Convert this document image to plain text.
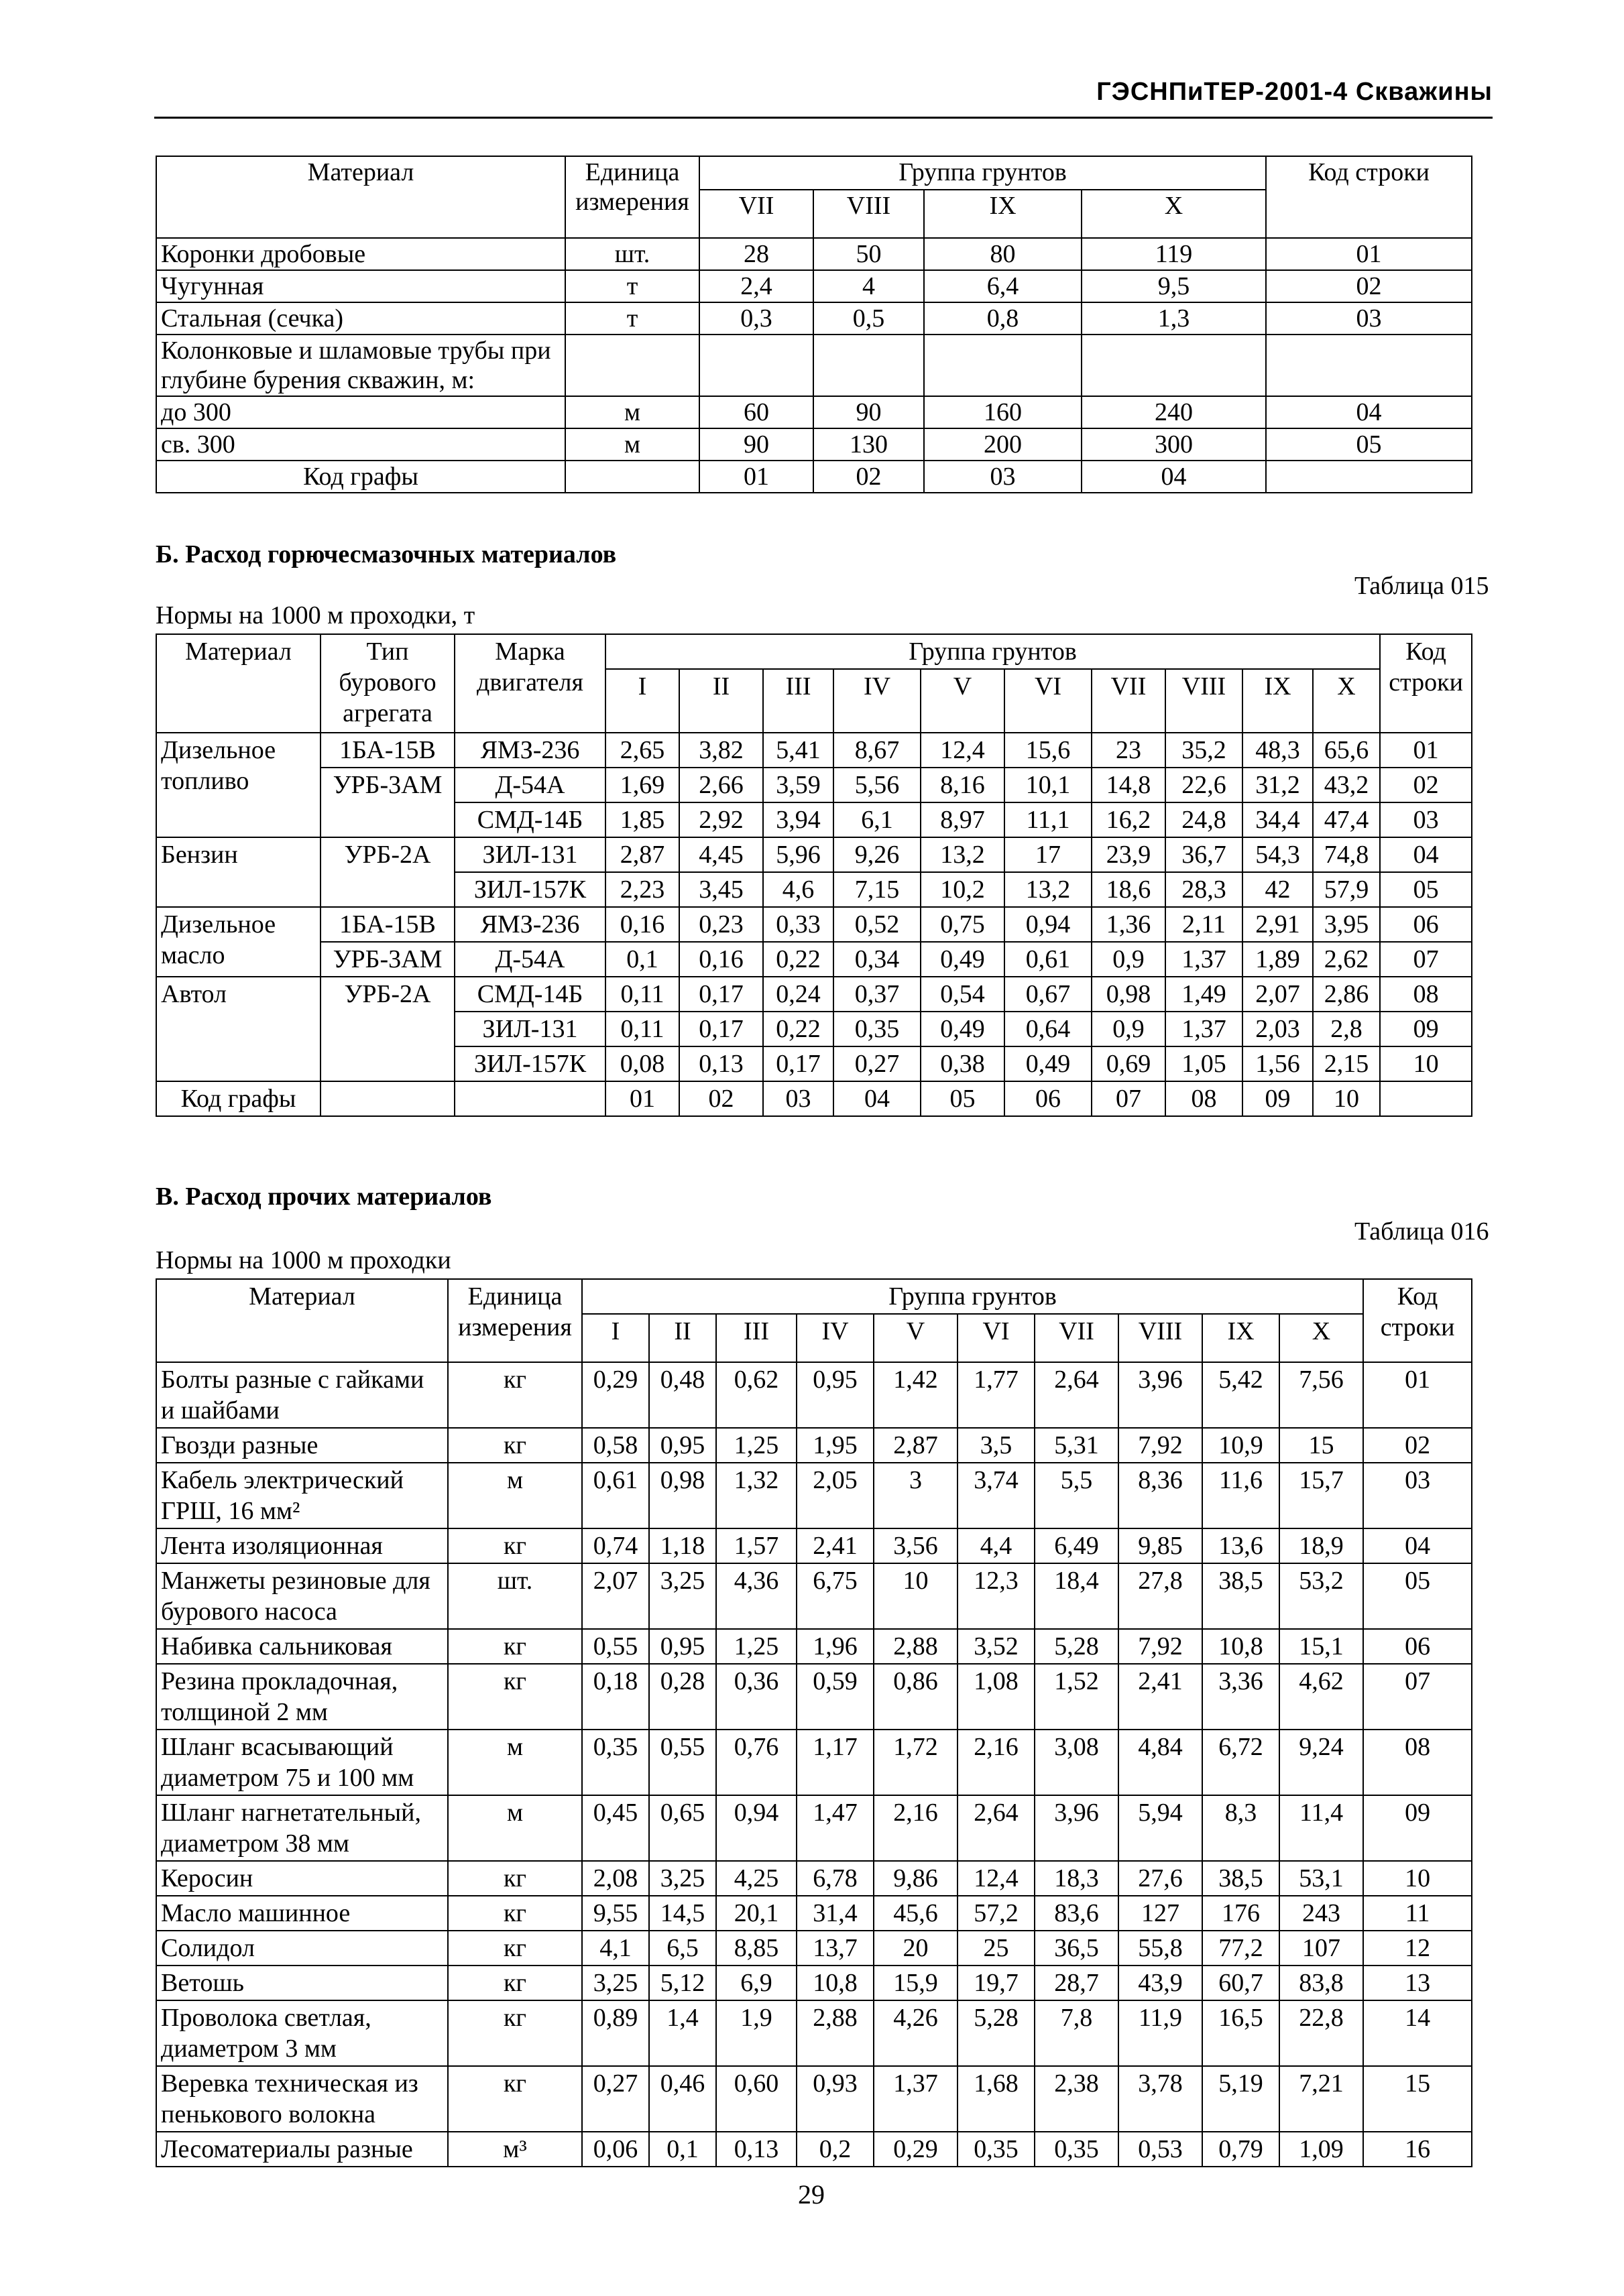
ГЭСНПиТЕР-2001-4 Скважины
Материал	Единица измерения	Группа грунтов				Код строки
		VII	VIII	IX	X	
Коронки дробовые	шт.	28	50	80	119	01
Чугунная	т	2,4	4	6,4	9,5	02
Стальная (сечка)	т	0,3	0,5	0,8	1,3	03
Колонковые и шламовые трубы при глубине бурения скважин, м:						
до 300	м	60	90	160	240	04
св. 300	м	90	130	200	300	05
Код графы		01	02	03	04	
Б. Расход горючесмазочных материалов
Таблица 015
Нормы на 1000 м проходки, т
Материал	Тип бурового агрегата	Марка двигателя	Группа грунтов										Код строки
			I	II	III	IV	V	VI	VII	VIII	IX	X	
Дизельное топливо	1БА-15В	ЯМЗ-236	2,65	3,82	5,41	8,67	12,4	15,6	23	35,2	48,3	65,6	01
	УРБ-3АМ	Д-54А	1,69	2,66	3,59	5,56	8,16	10,1	14,8	22,6	31,2	43,2	02
		СМД-14Б	1,85	2,92	3,94	6,1	8,97	11,1	16,2	24,8	34,4	47,4	03
Бензин	УРБ-2А	ЗИЛ-131	2,87	4,45	5,96	9,26	13,2	17	23,9	36,7	54,3	74,8	04
		ЗИЛ-157К	2,23	3,45	4,6	7,15	10,2	13,2	18,6	28,3	42	57,9	05
Дизельное масло	1БА-15В	ЯМЗ-236	0,16	0,23	0,33	0,52	0,75	0,94	1,36	2,11	2,91	3,95	06
	УРБ-3АМ	Д-54А	0,1	0,16	0,22	0,34	0,49	0,61	0,9	1,37	1,89	2,62	07
Автол	УРБ-2А	СМД-14Б	0,11	0,17	0,24	0,37	0,54	0,67	0,98	1,49	2,07	2,86	08
		ЗИЛ-131	0,11	0,17	0,22	0,35	0,49	0,64	0,9	1,37	2,03	2,8	09
		ЗИЛ-157К	0,08	0,13	0,17	0,27	0,38	0,49	0,69	1,05	1,56	2,15	10
Код графы			01	02	03	04	05	06	07	08	09	10	
В. Расход прочих материалов
Таблица 016
Нормы на 1000 м проходки
Материал	Единица измерения	Группа грунтов										Код строки
		I	II	III	IV	V	VI	VII	VIII	IX	X	
Болты разные с гайками и шайбами	кг	0,29	0,48	0,62	0,95	1,42	1,77	2,64	3,96	5,42	7,56	01
Гвозди разные	кг	0,58	0,95	1,25	1,95	2,87	3,5	5,31	7,92	10,9	15	02
Кабель электрический ГРШ, 16 мм²	м	0,61	0,98	1,32	2,05	3	3,74	5,5	8,36	11,6	15,7	03
Лента изоляционная	кг	0,74	1,18	1,57	2,41	3,56	4,4	6,49	9,85	13,6	18,9	04
Манжеты резиновые для бурового насоса	шт.	2,07	3,25	4,36	6,75	10	12,3	18,4	27,8	38,5	53,2	05
Набивка сальниковая	кг	0,55	0,95	1,25	1,96	2,88	3,52	5,28	7,92	10,8	15,1	06
Резина прокладочная, толщиной 2 мм	кг	0,18	0,28	0,36	0,59	0,86	1,08	1,52	2,41	3,36	4,62	07
Шланг всасывающий диаметром 75 и 100 мм	м	0,35	0,55	0,76	1,17	1,72	2,16	3,08	4,84	6,72	9,24	08
Шланг нагнетательный, диаметром 38 мм	м	0,45	0,65	0,94	1,47	2,16	2,64	3,96	5,94	8,3	11,4	09
Керосин	кг	2,08	3,25	4,25	6,78	9,86	12,4	18,3	27,6	38,5	53,1	10
Масло машинное	кг	9,55	14,5	20,1	31,4	45,6	57,2	83,6	127	176	243	11
Солидол	кг	4,1	6,5	8,85	13,7	20	25	36,5	55,8	77,2	107	12
Ветошь	кг	3,25	5,12	6,9	10,8	15,9	19,7	28,7	43,9	60,7	83,8	13
Проволока светлая, диаметром 3 мм	кг	0,89	1,4	1,9	2,88	4,26	5,28	7,8	11,9	16,5	22,8	14
Веревка техническая из пенькового волокна	кг	0,27	0,46	0,60	0,93	1,37	1,68	2,38	3,78	5,19	7,21	15
Лесоматериалы разные	м³	0,06	0,1	0,13	0,2	0,29	0,35	0,35	0,53	0,79	1,09	16
29
